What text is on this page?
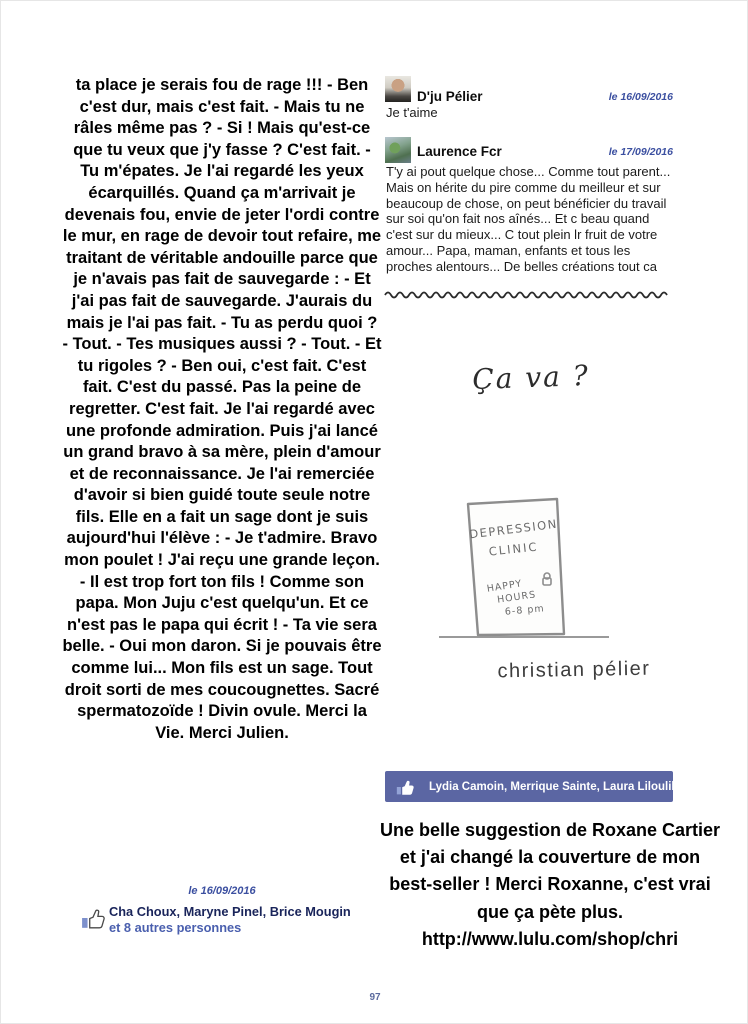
ta place je serais fou de rage !!! - Ben c'est dur, mais c'est fait. - Mais tu ne râles même pas ? - Si ! Mais qu'est-ce que tu veux que j'y fasse ? C'est fait. - Tu m'épates. Je l'ai regardé les yeux écarquillés. Quand ça m'arrivait je devenais fou, envie de jeter l'ordi contre le mur, en rage de devoir tout refaire, me traitant de véritable andouille parce que je n'avais pas fait de sauvegarde : - Et j'ai pas fait de sauvegarde. J'aurais du mais je l'ai pas fait. - Tu as perdu quoi ? - Tout. - Tes musiques aussi ? - Tout. - Et tu rigoles ? - Ben oui, c'est fait. C'est fait. C'est du passé. Pas la peine de regretter. C'est fait. Je l'ai regardé avec une profonde admiration. Puis j'ai lancé un grand bravo à sa mère, plein d'amour et de reconnaissance. Je l'ai remerciée d'avoir si bien guidé toute seule notre fils. Elle en a fait un sage dont je suis aujourd'hui l'élève : - Je t'admire. Bravo mon poulet ! J'ai reçu une grande leçon. - Il est trop fort ton fils ! Comme son papa. Mon Juju c'est quelqu'un. Et ce n'est pas le papa qui écrit ! - Ta vie sera belle. - Oui mon daron. Si je pouvais être comme lui... Mon fils est un sage. Tout droit sorti de mes coucougnettes. Sacré spermatozoïde ! Divin ovule. Merci la Vie. Merci Julien.
le 16/09/2016
Cha Choux, Maryne Pinel, Brice Mougin et 8 autres personnes
D'ju Pélier	le 16/09/2016
Je t'aime
Laurence Fcr	le 17/09/2016
T'y ai pout quelque chose... Comme tout parent... Mais on hérite du pire comme du meilleur et sur beaucoup de chose, on peut bénéficier du travail sur soi qu'on fait nos aînés... Et c beau quand c'est sur du mieux... C tout plein lr fruit de votre amour... Papa, maman, enfants et tous les proches alentours... De belles créations tout ca
Ça va ?
DEPRESSION
CLINIC
HAPPY
HOURS
6-8 pm
christian pélier
Lydia Camoin, Merrique Sainte, Laura Liloulila
Une belle suggestion de Roxane Cartier et j'ai changé la couverture de mon best-seller ! Merci Roxanne, c'est vrai que ça pète plus. http://www.lulu.com/shop/chri
97
